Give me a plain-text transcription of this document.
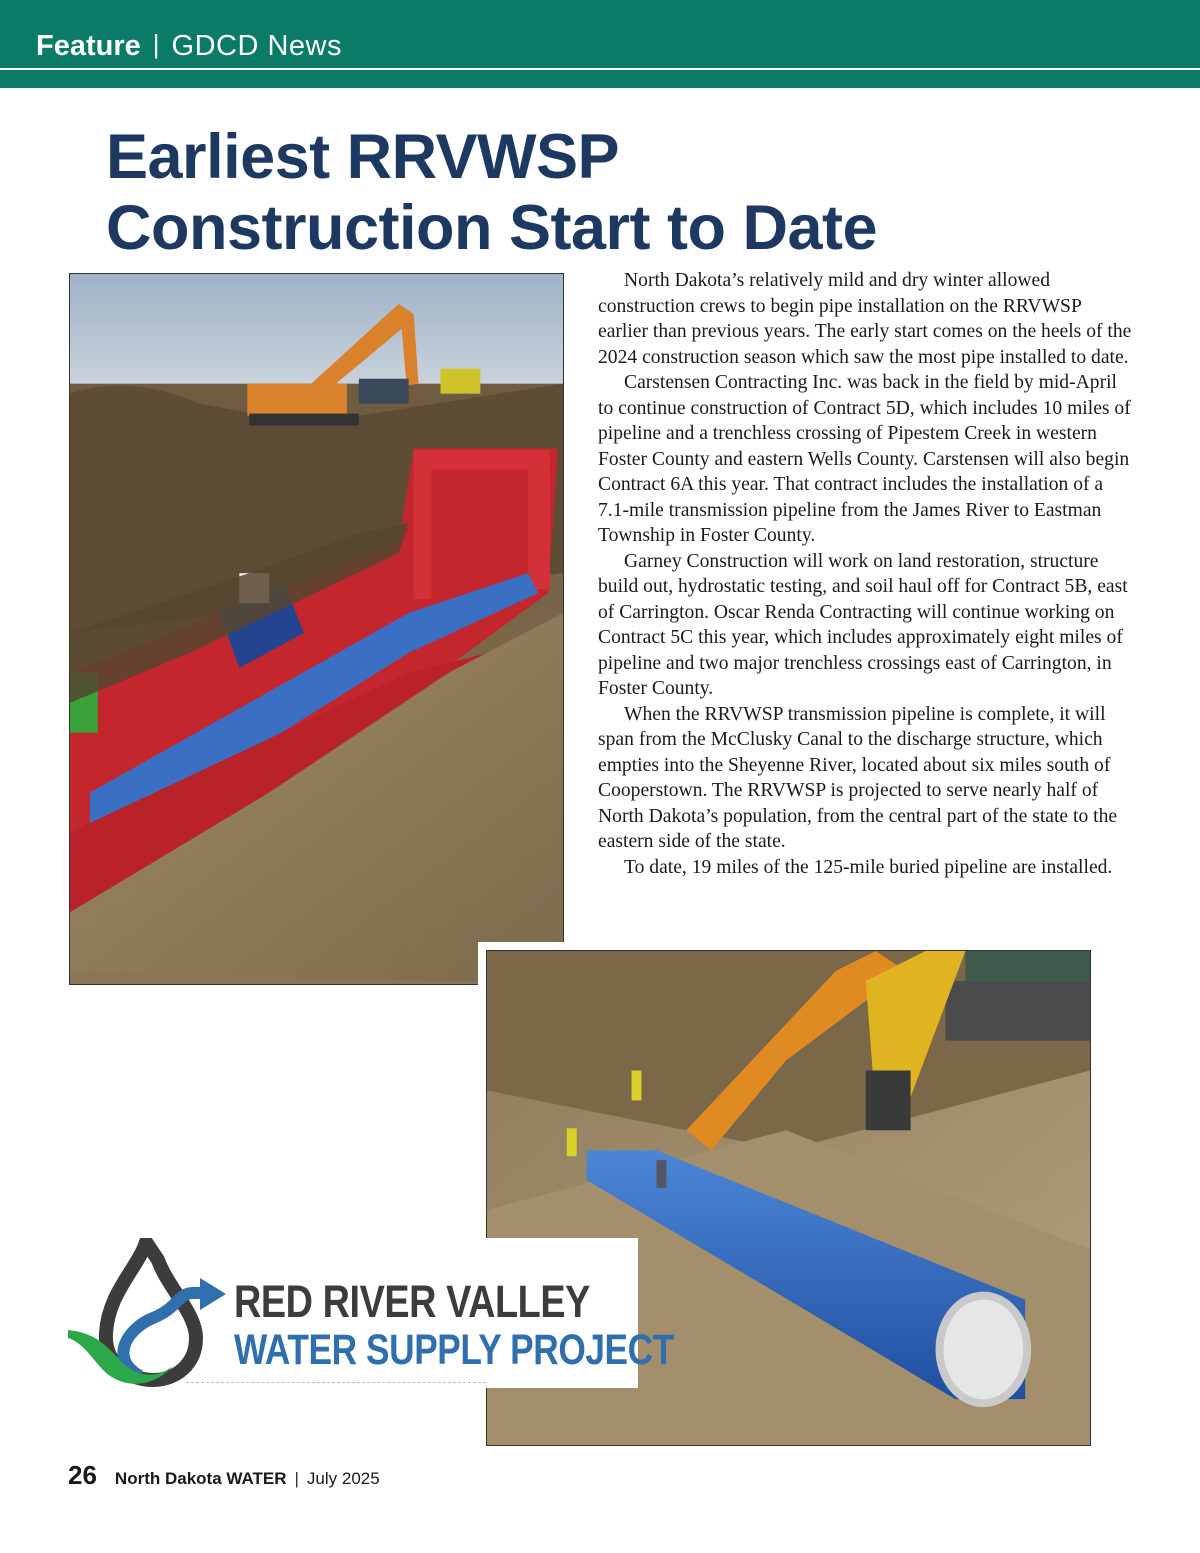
Feature | GDCD News
Earliest RRVWSP Construction Start to Date

North Dakota’s relatively mild and dry winter allowed construction crews to begin pipe installation on the RRVWSP earlier than previous years. The early start comes on the heels of the 2024 construction season which saw the most pipe installed to date.

Carstensen Contracting Inc. was back in the field by mid-April to continue construction of Contract 5D, which includes 10 miles of pipeline and a trenchless crossing of Pipestem Creek in western Foster County and eastern Wells County. Carstensen will also begin Contract 6A this year. That contract includes the installation of a 7.1-mile transmission pipeline from the James River to Eastman Township in Foster County.

Garney Construction will work on land restoration, structure build out, hydrostatic testing, and soil haul off for Contract 5B, east of Carrington. Oscar Renda Contracting will continue working on Contract 5C this year, which includes approximately eight miles of pipeline and two major trenchless crossings east of Carrington, in Foster County.

When the RRVWSP transmission pipeline is complete, it will span from the McClusky Canal to the discharge structure, which empties into the Sheyenne River, located about six miles south of Cooperstown. The RRVWSP is projected to serve nearly half of North Dakota’s population, from the central part of the state to the eastern side of the state.

To date, 19 miles of the 125-mile buried pipeline are installed.

RED RIVER VALLEY
WATER SUPPLY PROJECT
26 North Dakota WATER | July 2025
